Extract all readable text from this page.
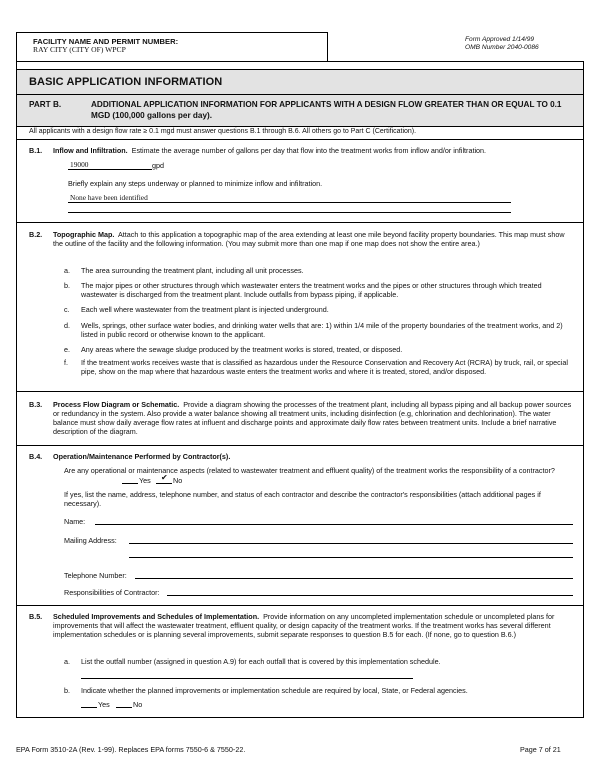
FACILITY NAME AND PERMIT NUMBER:
RAY CITY (CITY OF) WPCP
Form Approved 1/14/99
OMB Number 2040-0086
BASIC APPLICATION INFORMATION
PART B.	ADDITIONAL APPLICATION INFORMATION FOR APPLICANTS WITH A DESIGN FLOW GREATER THAN OR EQUAL TO 0.1 MGD (100,000 gallons per day).
All applicants with a design flow rate ≥ 0.1 mgd must answer questions B.1 through B.6. All others go to Part C (Certification).
B.1. Inflow and Infiltration. Estimate the average number of gallons per day that flow into the treatment works from inflow and/or infiltration.
19000	gpd
Briefly explain any steps underway or planned to minimize inflow and infiltration.
None have been identified
B.2. Topographic Map. Attach to this application a topographic map of the area extending at least one mile beyond facility property boundaries. This map must show the outline of the facility and the following information. (You may submit more than one map if one map does not show the entire area.)
a. The area surrounding the treatment plant, including all unit processes.
b. The major pipes or other structures through which wastewater enters the treatment works and the pipes or other structures through which treated wastewater is discharged from the treatment plant. Include outfalls from bypass piping, if applicable.
c. Each well where wastewater from the treatment plant is injected underground.
d. Wells, springs, other surface water bodies, and drinking water wells that are: 1) within 1/4 mile of the property boundaries of the treatment works, and 2) listed in public record or otherwise known to the applicant.
e. Any areas where the sewage sludge produced by the treatment works is stored, treated, or disposed.
f. If the treatment works receives waste that is classified as hazardous under the Resource Conservation and Recovery Act (RCRA) by truck, rail, or special pipe, show on the map where that hazardous waste enters the treatment works and where it is treated, stored, and/or disposed.
B.3. Process Flow Diagram or Schematic. Provide a diagram showing the processes of the treatment plant, including all bypass piping and all backup power sources or redundancy in the system. Also provide a water balance showing all treatment units, including disinfection (e.g, chlorination and dechlorination). The water balance must show daily average flow rates at influent and discharge points and approximate daily flow rates between treatment units. Include a brief narrative description of the diagram.
B.4. Operation/Maintenance Performed by Contractor(s).
Are any operational or maintenance aspects (related to wastewater treatment and effluent quality) of the treatment works the responsibility of a contractor?
Yes ✔ No
If yes, list the name, address, telephone number, and status of each contractor and describe the contractor's responsibilities (attach additional pages if necessary).
Name:
Mailing Address:
Telephone Number:
Responsibilities of Contractor:
B.5. Scheduled Improvements and Schedules of Implementation. Provide information on any uncompleted implementation schedule or uncompleted plans for improvements that will affect the wastewater treatment, effluent quality, or design capacity of the treatment works. If the treatment works has several different implementation schedules or is planning several improvements, submit separate responses to question B.5 for each. (If none, go to question B.6.)
a. List the outfall number (assigned in question A.9) for each outfall that is covered by this implementation schedule.
b. Indicate whether the planned improvements or implementation schedule are required by local, State, or Federal agencies.
Yes	No
EPA Form 3510-2A (Rev. 1-99). Replaces EPA forms 7550-6 & 7550-22.	Page 7 of 21
